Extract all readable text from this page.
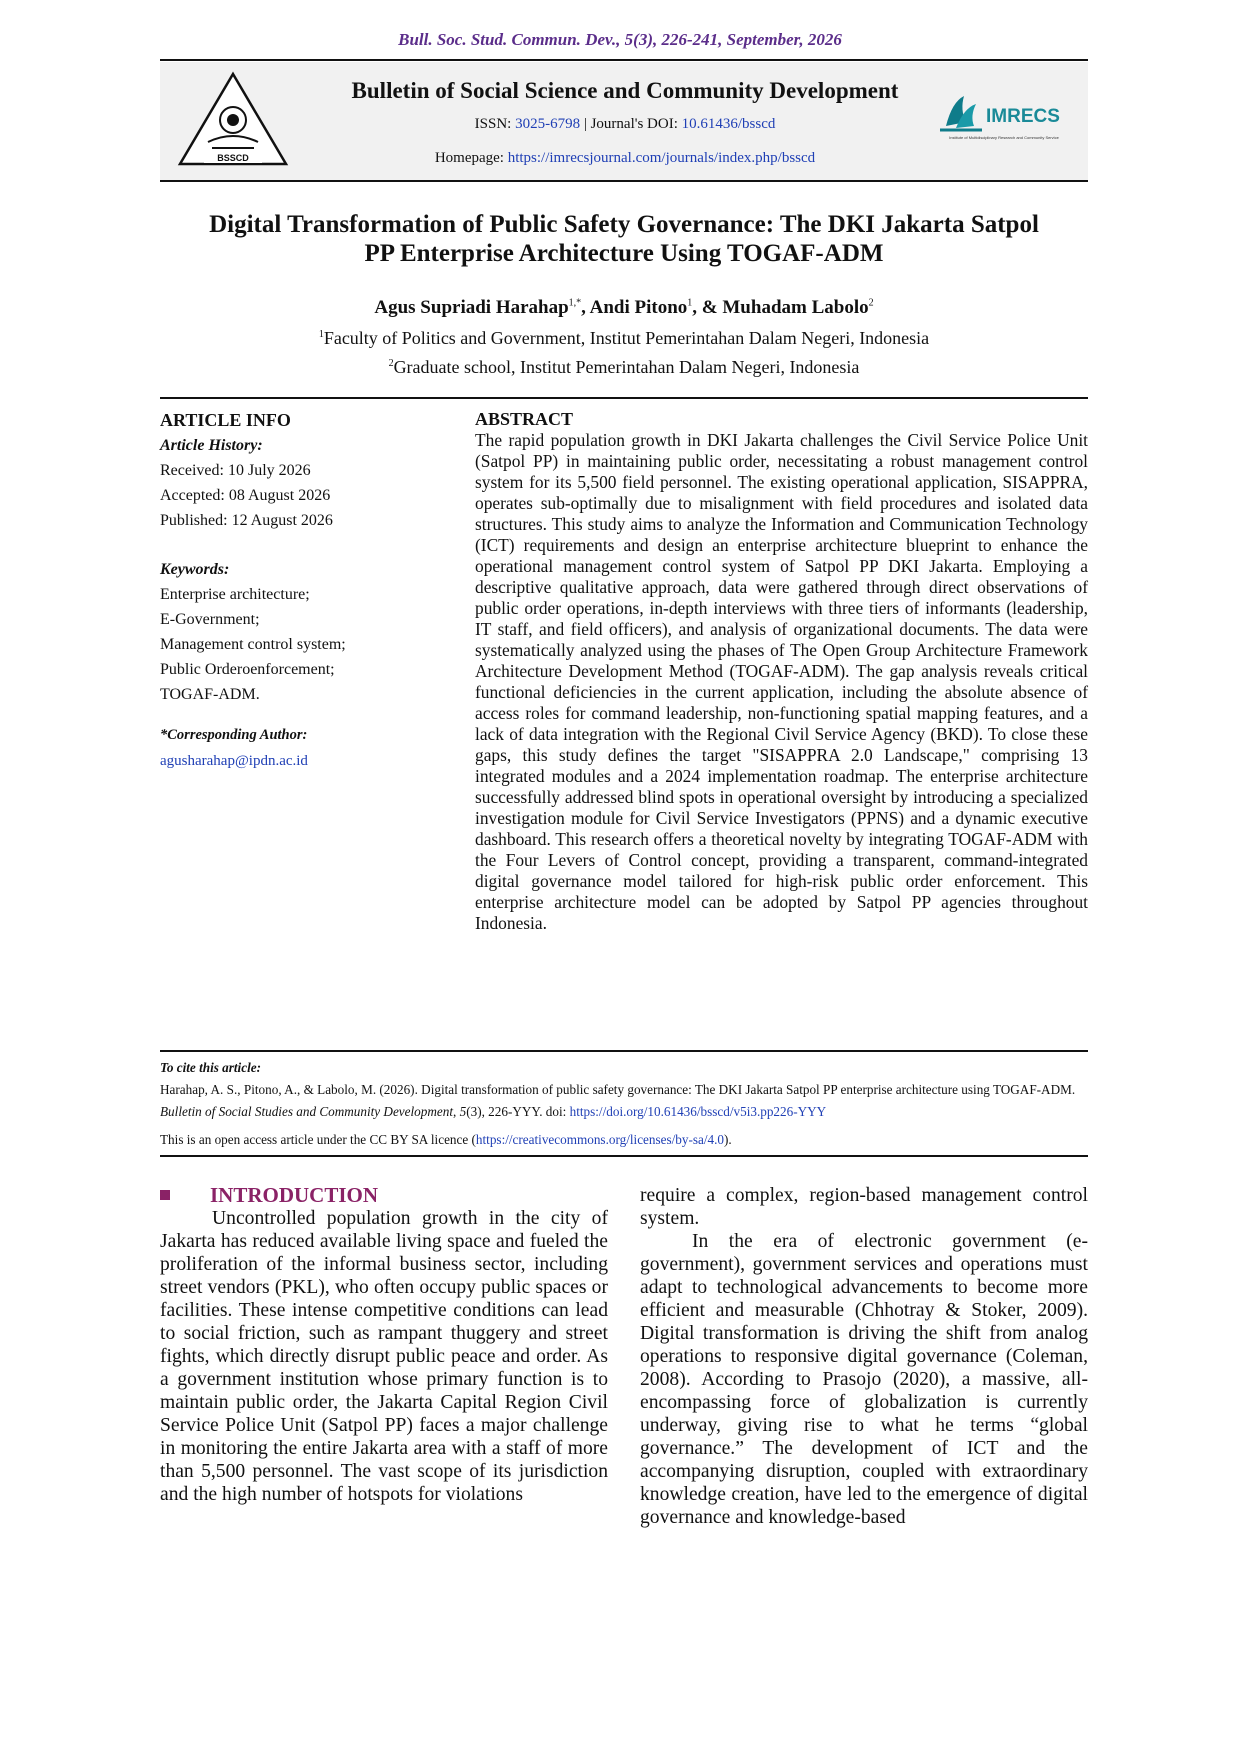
Bull. Soc. Stud. Commun. Dev., 5(3), 226-241, September, 2026
BSSCD
Bulletin of Social Science and Community Development
ISSN: 3025-6798 | Journal's DOI: 10.61436/bsscd
Homepage: https://imrecsjournal.com/journals/index.php/bsscd
IMRECS
Institute of Multidisciplinary Research and Community Service
Digital Transformation of Public Safety Governance: The DKI Jakarta Satpol
PP Enterprise Architecture Using TOGAF-ADM
Agus Supriadi Harahap$^{1,*}$, Andi Pitono$^1$, & Muhadam Labolo$^2$
$^1$Faculty of Politics and Government, Institut Pemerintahan Dalam Negeri, Indonesia
$^2$Graduate school, Institut Pemerintahan Dalam Negeri, Indonesia
ARTICLE INFO
Article History:
Received: 10 July 2026
Accepted: 08 August 2026
Published: 12 August 2026
Keywords:
Enterprise architecture;
E-Government;
Management control system;
Public Orderoenforcement;
TOGAF-ADM.
*Corresponding Author:
agusharahap@ipdn.ac.id
ABSTRACT
The rapid population growth in DKI Jakarta challenges the Civil Service Police Unit (Satpol PP) in maintaining public order, necessitating a robust management control system for its 5,500 field personnel. The existing operational application, SISAPPRA, operates sub-optimally due to misalignment with field procedures and isolated data structures. This study aims to analyze the Information and Communication Technology (ICT) requirements and design an enterprise architecture blueprint to enhance the operational management control system of Satpol PP DKI Jakarta. Employing a descriptive qualitative approach, data were gathered through direct observations of public order operations, in-depth interviews with three tiers of informants (leadership, IT staff, and field officers), and analysis of organizational documents. The data were systematically analyzed using the phases of The Open Group Architecture Framework Architecture Development Method (TOGAF-ADM). The gap analysis reveals critical functional deficiencies in the current application, including the absolute absence of access roles for command leadership, non-functioning spatial mapping features, and a lack of data integration with the Regional Civil Service Agency (BKD). To close these gaps, this study defines the target "SISAPPRA 2.0 Landscape," comprising 13 integrated modules and a 2024 implementation roadmap. The enterprise architecture successfully addressed blind spots in operational oversight by introducing a specialized investigation module for Civil Service Investigators (PPNS) and a dynamic executive dashboard. This research offers a theoretical novelty by integrating TOGAF-ADM with the Four Levers of Control concept, providing a transparent, command-integrated digital governance model tailored for high-risk public order enforcement. This enterprise architecture model can be adopted by Satpol PP agencies throughout Indonesia.
To cite this article:
Harahap, A. S., Pitono, A., & Labolo, M. (2026). Digital transformation of public safety governance: The DKI Jakarta Satpol PP enterprise architecture using TOGAF-ADM. Bulletin of Social Studies and Community Development, 5(3), 226-YYY. doi: https://doi.org/10.61436/bsscd/v5i3.pp226-YYY
This is an open access article under the CC BY SA licence (https://creativecommons.org/licenses/by-sa/4.0).
INTRODUCTION

Uncontrolled population growth in the city of Jakarta has reduced available living space and fueled the proliferation of the informal business sector, including street vendors (PKL), who often occupy public spaces or facilities. These intense competitive conditions can lead to social friction, such as rampant thuggery and street fights, which directly disrupt public peace and order. As a government institution whose primary function is to maintain public order, the Jakarta Capital Region Civil Service Police Unit (Satpol PP) faces a major challenge in monitoring the entire Jakarta area with a staff of more than 5,500 personnel. The vast scope of its jurisdiction and the high number of hotspots for violations

require a complex, region-based management control system.

In the era of electronic government (e-government), government services and operations must adapt to technological advancements to become more efficient and measurable (Chhotray & Stoker, 2009). Digital transformation is driving the shift from analog operations to responsive digital governance (Coleman, 2008). According to Prasojo (2020), a massive, all-encompassing force of globalization is currently underway, giving rise to what he terms “global governance.” The development of ICT and the accompanying disruption, coupled with extraordinary knowledge creation, have led to the emergence of digital governance and knowledge-based
